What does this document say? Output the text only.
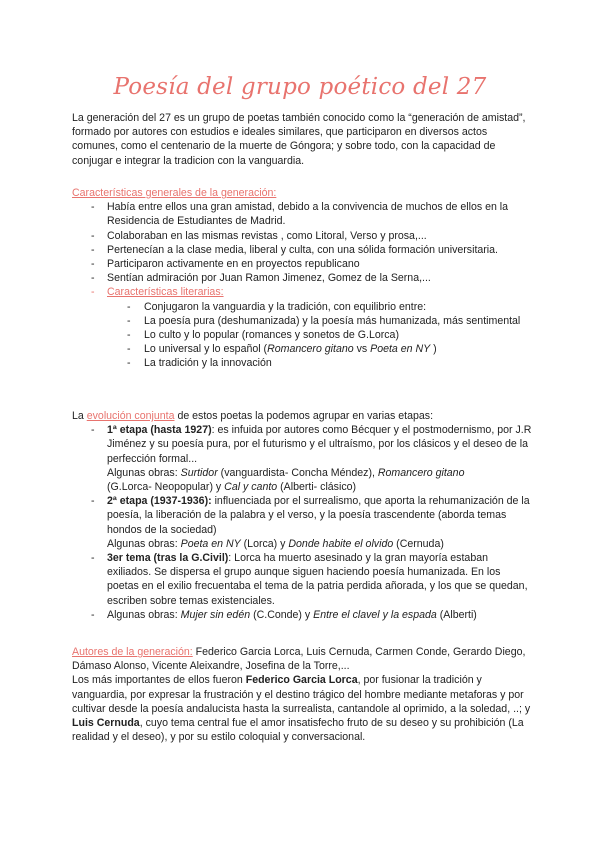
Poesía del grupo poético del 27
La generación del 27 es un grupo de poetas también conocido como la “generación de amistad”, formado por autores con estudios e ideales similares, que participaron en diversos actos comunes, como el centenario de la muerte de Góngora; y sobre todo, con la capacidad de conjugar e integrar la tradicion con la vanguardia.
Características generales de la generación:
- Había entre ellos una gran amistad, debido a la convivencia de muchos de ellos en la Residencia de Estudiantes de Madrid.
- Colaboraban en las mismas revistas , como Litoral, Verso y prosa,...
- Pertenecían a la clase media, liberal y culta, con una sólida formación universitaria.
- Participaron activamente en en proyectos republicano
- Sentían admiración por Juan Ramon Jimenez, Gomez de la Serna,...
- Características literarias:
- Conjugaron la vanguardia y la tradición, con equilibrio entre:
- La poesía pura (deshumanizada) y la poesía más humanizada, más sentimental
- Lo culto y lo popular (romances y sonetos de G.Lorca)
- Lo universal y lo español (Romancero gitano vs Poeta en NY )
- La tradición y la innovación
La evolución conjunta de estos poetas la podemos agrupar en varias etapas:
- 1ª etapa (hasta 1927): es infuida por autores como Bécquer y el postmodernismo, por J.R Jiménez y su poesía pura, por el futurismo y el ultraísmo, por los clásicos y el deseo de la perfección formal...
Algunas obras: Surtidor (vanguardista- Concha Méndez), Romancero gitano
(G.Lorca- Neopopular) y Cal y canto (Alberti- clásico)
- 2ª etapa (1937-1936): influenciada por el surrealismo, que aporta la rehumanización de la poesía, la liberación de la palabra y el verso, y la poesía trascendente (aborda temas hondos de la sociedad)
Algunas obras: Poeta en NY (Lorca) y Donde habite el olvido (Cernuda)
- 3er tema (tras la G.Civil): Lorca ha muerto asesinado y la gran mayoría estaban exiliados. Se dispersa el grupo aunque siguen haciendo poesía humanizada. En los poetas en el exilio frecuentaba el tema de la patria perdida añorada, y los que se quedan, escriben sobre temas existenciales.
- Algunas obras: Mujer sin edén (C.Conde) y Entre el clavel y la espada (Alberti)
Autores de la generación: Federico Garcia Lorca, Luis Cernuda, Carmen Conde, Gerardo Diego, Dámaso Alonso, Vicente Aleixandre, Josefina de la Torre,...
Los más importantes de ellos fueron Federico Garcia Lorca, por fusionar la tradición y vanguardia, por expresar la frustración y el destino trágico del hombre mediante metaforas y por cultivar desde la poesía andalucista hasta la surrealista, cantandole al oprimido, a la soledad, ..; y Luis Cernuda, cuyo tema central fue el amor insatisfecho fruto de su deseo y su prohibición (La realidad y el deseo), y por su estilo coloquial y conversacional.
